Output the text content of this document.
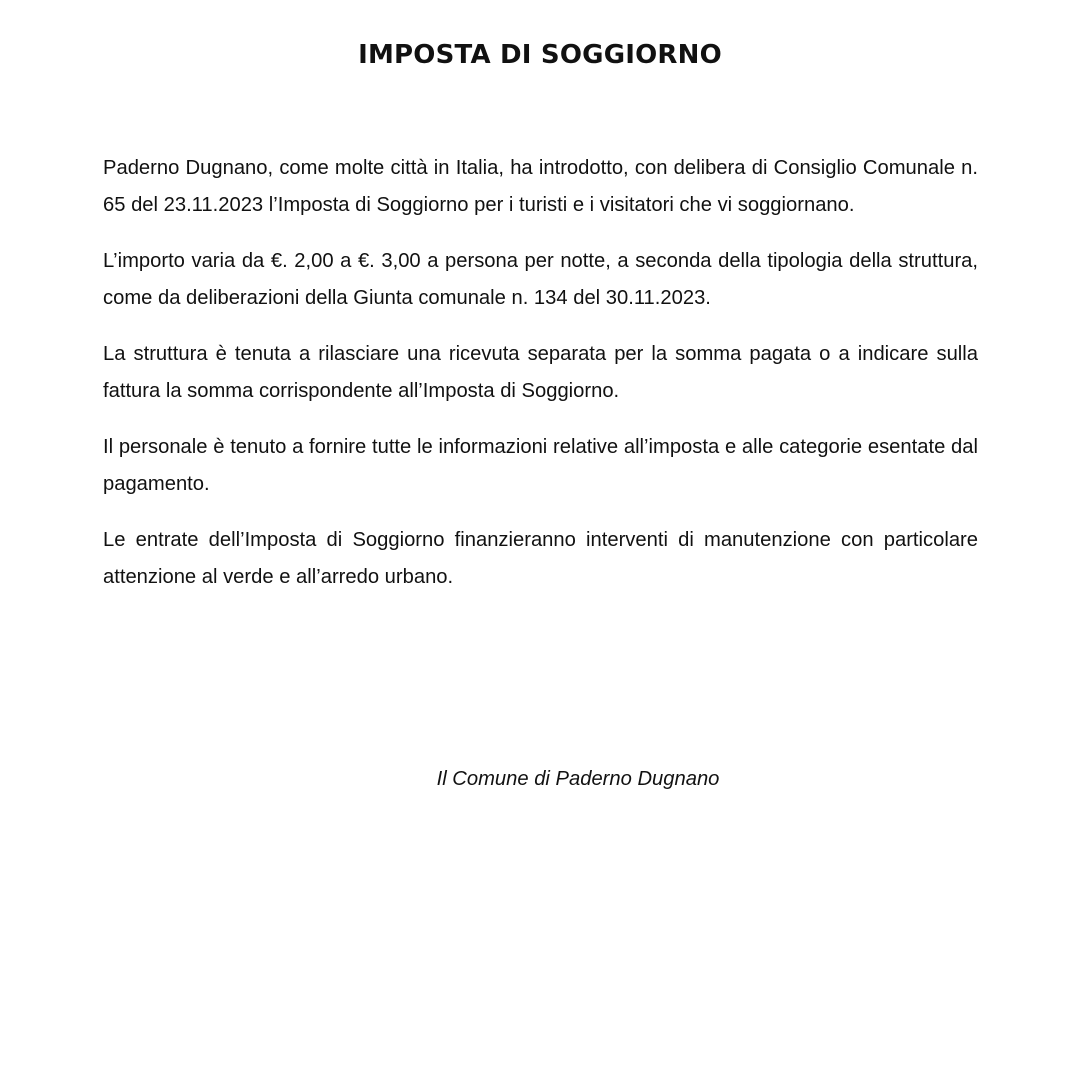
IMPOSTA DI SOGGIORNO

Paderno Dugnano, come molte città in Italia, ha introdotto, con delibera di Consiglio Comunale n. 65 del 23.11.2023 l’Imposta di Soggiorno per i turisti e i visitatori che vi soggiornano.

L’importo varia da €. 2,00 a €. 3,00 a persona per notte, a seconda della tipologia della struttura, come da deliberazioni della Giunta comunale n. 134 del 30.11.2023.

La struttura è tenuta a rilasciare una ricevuta separata per la somma pagata o a indicare sulla fattura la somma corrispondente all’Imposta di Soggiorno.

Il personale è tenuto a fornire tutte le informazioni relative all’imposta e alle categorie esentate dal pagamento.

Le entrate dell’Imposta di Soggiorno finanzieranno interventi di manutenzione con particolare attenzione al verde e all’arredo urbano.

Il Comune di Paderno Dugnano
